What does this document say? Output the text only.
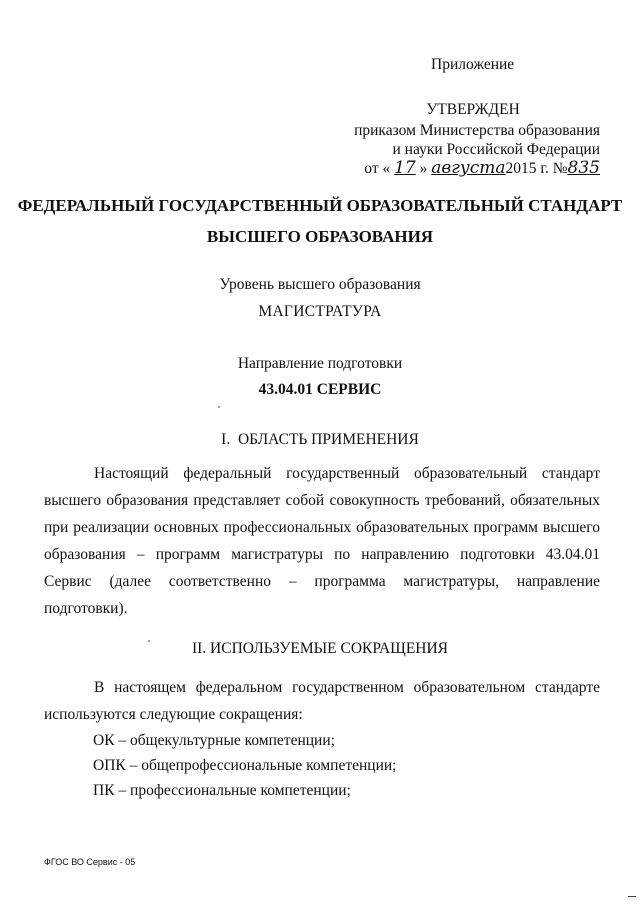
Приложение
УТВЕРЖДЕН
приказом Министерства образования
и науки Российской Федерации
от « 17 » августа2015 г. №835
ФЕДЕРАЛЬНЫЙ ГОСУДАРСТВЕННЫЙ ОБРАЗОВАТЕЛЬНЫЙ СТАНДАРТ
ВЫСШЕГО ОБРАЗОВАНИЯ
Уровень высшего образования
МАГИСТРАТУРА
Направление подготовки
43.04.01 СЕРВИС
I.  ОБЛАСТЬ ПРИМЕНЕНИЯ
Настоящий федеральный государственный образовательный стандарт высшего образования представляет собой совокупность требований, обязательных при реализации основных профессиональных образовательных программ высшего образования – программ магистратуры по направлению подготовки 43.04.01 Сервис (далее соответственно – программа магистратуры, направление подготовки).
II. ИСПОЛЬЗУЕМЫЕ СОКРАЩЕНИЯ
В настоящем федеральном государственном образовательном стандарте используются следующие сокращения:
ОК – общекультурные компетенции;
ОПК – общепрофессиональные компетенции;
ПК – профессиональные компетенции;
ФГОС ВО Сервис - 05
